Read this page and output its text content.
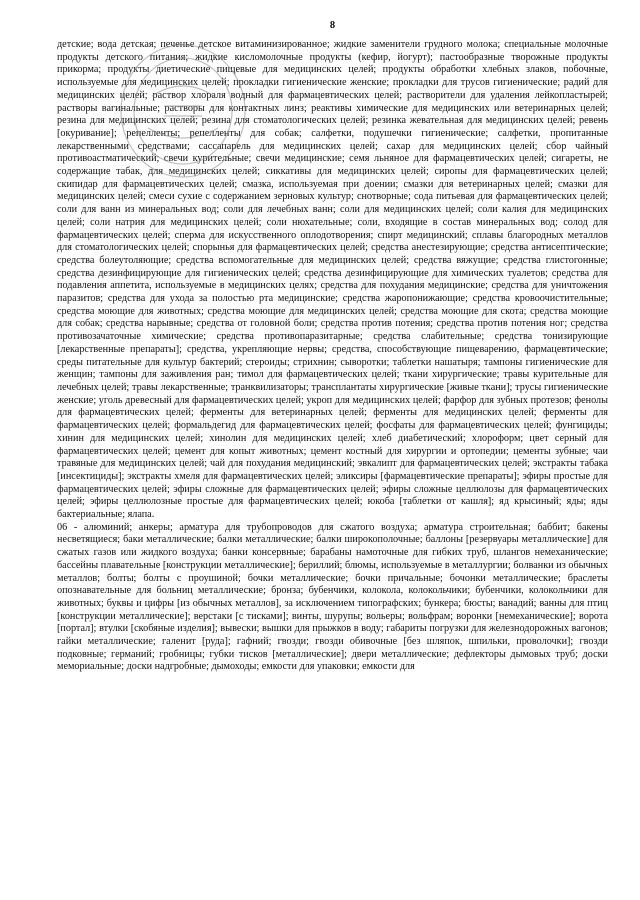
8

детские; вода детская; печенье детское витаминизированное; жидкие заменители грудного молока; специальные молочные продукты детского питания; жидкие кисломолочные продукты (кефир, йогурт); пастообразные творожные продукты прикорма; продукты диетические пищевые для медицинских целей; продукты обработки хлебных злаков, побочные, используемые для медицинских целей; прокладки гигиенические женские; прокладки для трусов гигиенические; радий для медицинских целей; раствор хлораля водный для фармацевтических целей; растворители для удаления лейкопластырей; растворы вагинальные; растворы для контактных линз; реактивы химические для медицинских или ветеринарных целей; резина для медицинских целей; резина для стоматологических целей; резинка жевательная для медицинских целей; ревень [окуривание]; репелленты; репелленты для собак; салфетки, подушечки гигиенические; салфетки, пропитанные лекарственными средствами; сассапарель для медицинских целей; сахар для медицинских целей; сбор чайный противоастматический; свечи курительные; свечи медицинские; семя льняное для фармацевтических целей; сигареты, не содержащие табак, для медицинских целей; сиккативы для медицинских целей; сиропы для фармацевтических целей; скипидар для фармацевтических целей; смазка, используемая при доении; смазки для ветеринарных целей; смазки для медицинских целей; смеси сухие с содержанием зерновых культур; снотворные; сода питьевая для фармацевтических целей; соли для ванн из минеральных вод; соли для лечебных ванн; соли для медицинских целей; соли калия для медицинских целей; соли натрия для медицинских целей; соли нюхательные; соли, входящие в состав минеральных вод; солод для фармацевтических целей; спермa для искусственного оплодотворения; спирт медицинский; сплавы благородных металлов для стоматологических целей; спорынья для фармацевтических целей; средства анестезирующие; средства антисептические; средства болеутоляющие; средства вспомогательные для медицинских целей; средства вяжущие; средства глистогонные; средства дезинфицирующие для гигиенических целей; средства дезинфицирующие для химических туалетов; средства для подавления аппетита, используемые в медицинских целях; средства для похудания медицинские; средства для уничтожения паразитов; средства для ухода за полостью рта медицинские; средства жаропонижающие; средства кровоочистительные; средства моющие для животных; средства моющие для медицинских целей; средства моющие для скота; средства моющие для собак; средства нарывные; средства от головной боли; средства против потения; средства против потения ног; средства противозачаточные химические; средства противопаразитарные; средства слабительные; средства тонизирующие [лекарственные препараты]; средства, укрепляющие нервы; средства, способствующие пищеварению, фармацевтические; среды питательные для культур бактерий; стероиды; стрихнин; сыворотки; таблетки нашатыря; тампоны гигиенические для женщин; тампоны для заживления ран; тимол для фармацевтических целей; ткани хирургические; травы курительные для лечебных целей; травы лекарственные; транквилизаторы; трансплантаты хирургические [живые ткани]; трусы гигиенические женские; уголь древесный для фармацевтических целей; укроп для медицинских целей; фарфор для зубных протезов; фенолы для фармацевтических целей; ферменты для ветеринарных целей; ферменты для медицинских целей; ферменты для фармацевтических целей; формальдегид для фармацевтических целей; фосфаты для фармацевтических целей; фунгициды; хинин для медицинских целей; хинолин для медицинских целей; хлеб диабетический; хлороформ; цвет серный для фармацевтических целей; цемент для копыт животных; цемент костный для хирургии и ортопедии; цементы зубные; чаи травяные для медицинских целей; чай для похудания медицинский; эвкалипт для фармацевтических целей; экстракты табака [инсектициды]; экстракты хмеля для фармацевтических целей; эликсиры [фармацевтические препараты]; эфиры простые для фармацевтических целей; эфиры сложные для фармацевтических целей; эфиры сложные целлюлозы для фармацевтических целей; эфиры целлюлозные простые для фармацевтических целей; юкоба [таблетки от кашля]; яд крысиный; яды; яды бактериальные; ялапа.

06 - алюминий; анкеры; арматура для трубопроводов для сжатого воздуха; арматура строительная; баббит; бакены несветящиеся; баки металлические; балки металлические; балки широкополочные; баллоны [резервуары металлические] для сжатых газов или жидкого воздуха; банки консервные; барабаны намоточные для гибких труб, шлангов немеханические; бассейны плавательные [конструкции металлические]; бериллий; блюмы, используемые в металлургии; болванки из обычных металлов; болты; болты с проушиной; бочки металлические; бочки причальные; бочонки металлические; браслеты опознавательные для больниц металлические; бронза; бубенчики, колокола, колокольчики; бубенчики, колокольчики для животных; буквы и цифры [из обычных металлов], за исключением типографских; бункера; бюсты; ванадий; ванны для птиц [конструкции металлические]; верстаки [с тисками]; винты, шурупы; вольеры; вольфрам; воронки [немеханические]; ворота [портал]; втулки [скобяные изделия]; вывески; вышки для прыжков в воду; габариты погрузки для железнодорожных вагонов; гайки металлические; галенит [руда]; гафний; гвозди; гвозди обивочные [без шляпок, шпильки, проволочки]; гвозди подковные; германий; гробницы; губки тисков [металлические]; двери металлические; дефлекторы дымовых труб; доски мемориальные; доски надгробные; дымоходы; емкости для упаковки; емкости для
